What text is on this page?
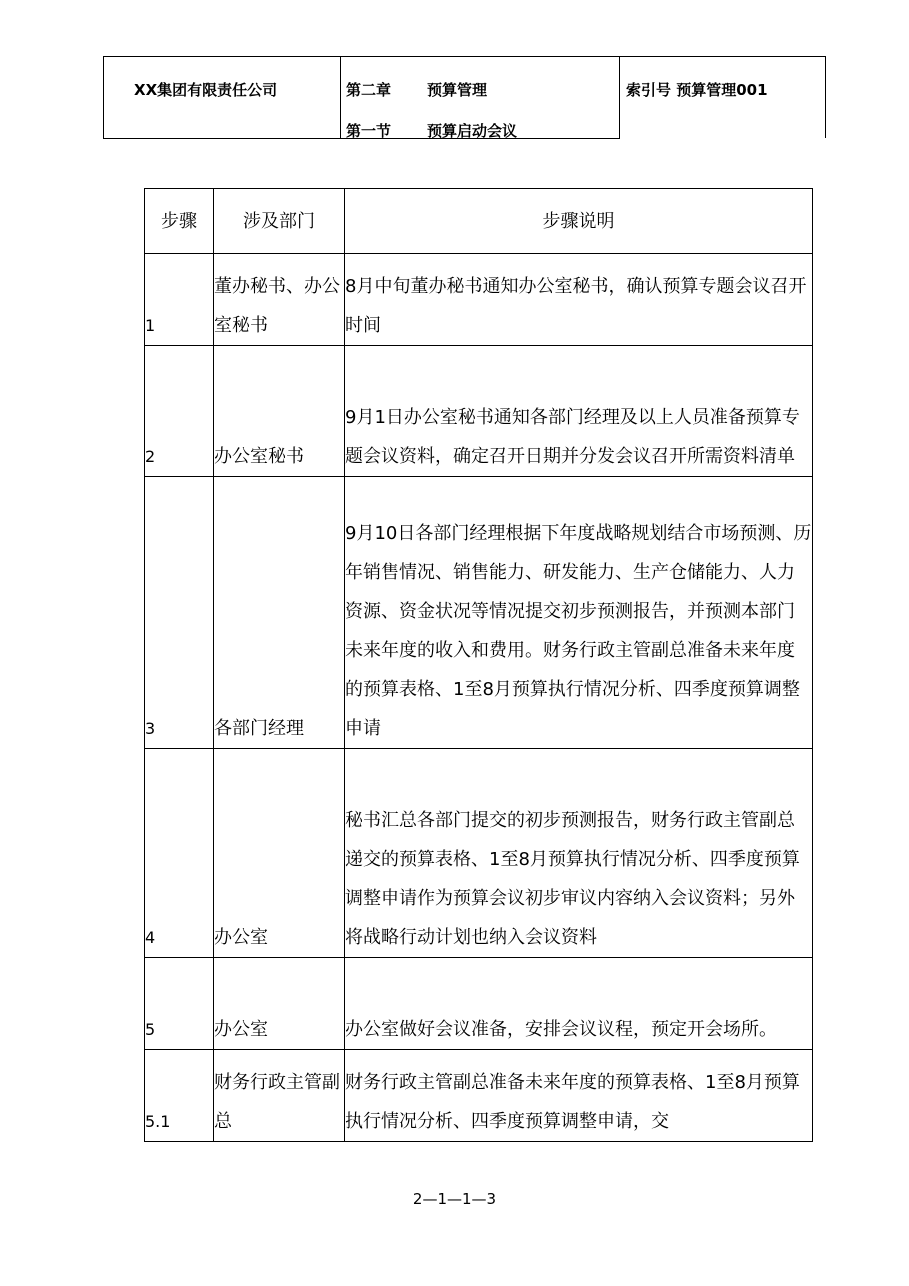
XX集团有限责任公司	第二章 预算管理
第一节 预算启动会议
索引号 预算管理001
步骤	涉及部门	步骤说明
1	董办秘书、办公室秘书	8月中旬董办秘书通知办公室秘书，确认预算专题会议召开时间
2	办公室秘书	9月1日办公室秘书通知各部门经理及以上人员准备预算专题会议资料，确定召开日期并分发会议召开所需资料清单
3	各部门经理	9月10日各部门经理根据下年度战略规划结合市场预测、历年销售情况、销售能力、研发能力、生产仓储能力、人力资源、资金状况等情况提交初步预测报告，并预测本部门未来年度的收入和费用。财务行政主管副总准备未来年度的预算表格、1至8月预算执行情况分析、四季度预算调整申请
4	办公室	秘书汇总各部门提交的初步预测报告，财务行政主管副总递交的预算表格、1至8月预算执行情况分析、四季度预算调整申请作为预算会议初步审议内容纳入会议资料；另外将战略行动计划也纳入会议资料
5	办公室	办公室做好会议准备，安排会议议程，预定开会场所。
5.1	财务行政主管副总	财务行政主管副总准备未来年度的预算表格、1至8月预算执行情况分析、四季度预算调整申请，交
2—1—1—3
